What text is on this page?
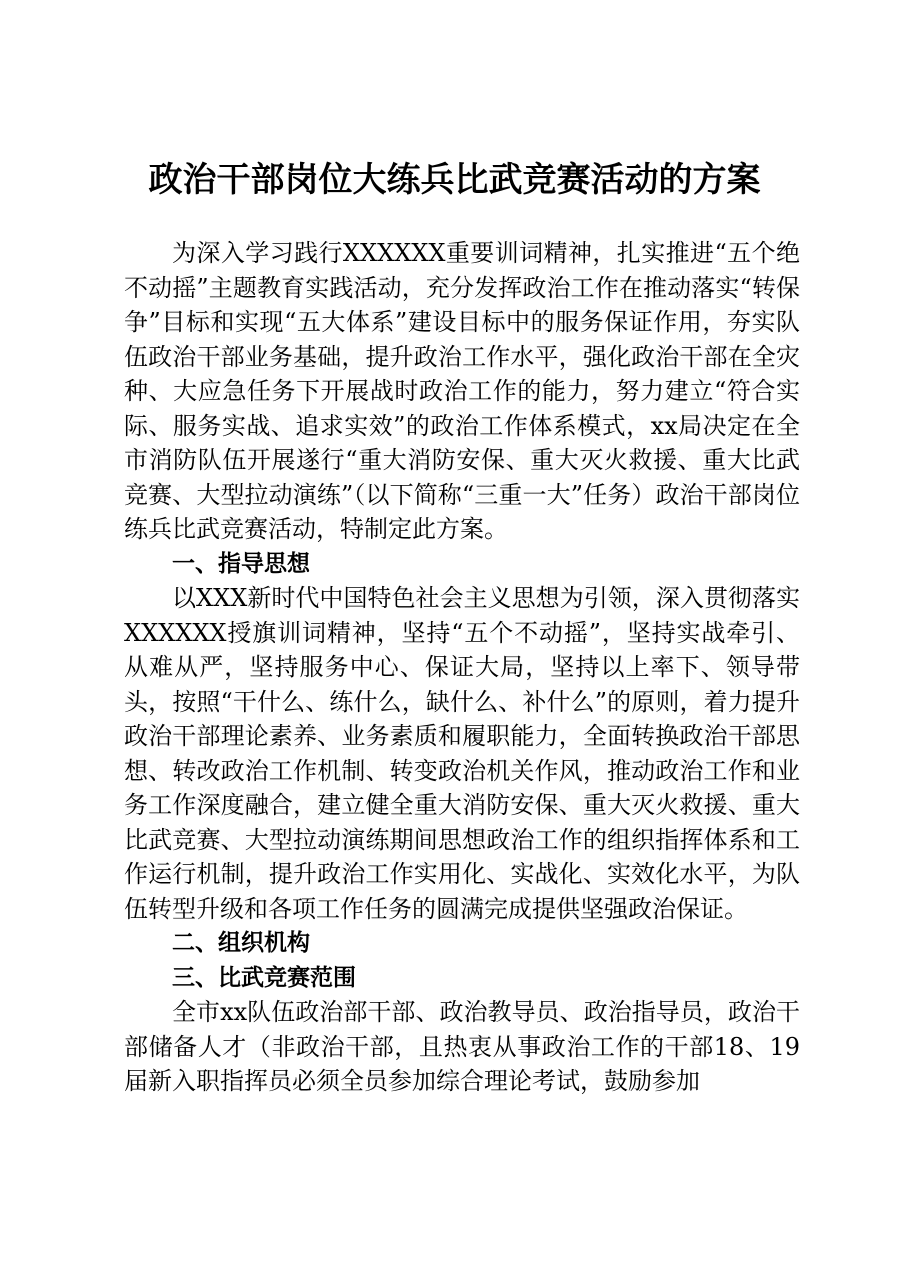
政治干部岗位大练兵比武竞赛活动的方案

为深入学习践行XXXXXX重要训词精神，扎实推进“五个绝不动摇”主题教育实践活动，充分发挥政治工作在推动落实“转保争”目标和实现“五大体系”建设目标中的服务保证作用，夯实队伍政治干部业务基础，提升政治工作水平，强化政治干部在全灾种、大应急任务下开展战时政治工作的能力，努力建立“符合实际、服务实战、追求实效”的政治工作体系模式，xx局决定在全市消防队伍开展遂行“重大消防安保、重大灭火救援、重大比武竞赛、大型拉动演练”（以下简称“三重一大”任务）政治干部岗位练兵比武竞赛活动，特制定此方案。

一、指导思想

以XXX新时代中国特色社会主义思想为引领，深入贯彻落实XXXXXX授旗训词精神，坚持“五个不动摇”，坚持实战牵引、从难从严，坚持服务中心、保证大局，坚持以上率下、领导带头，按照“干什么、练什么，缺什么、补什么”的原则，着力提升政治干部理论素养、业务素质和履职能力，全面转换政治干部思想、转改政治工作机制、转变政治机关作风，推动政治工作和业务工作深度融合，建立健全重大消防安保、重大灭火救援、重大比武竞赛、大型拉动演练期间思想政治工作的组织指挥体系和工作运行机制，提升政治工作实用化、实战化、实效化水平，为队伍转型升级和各项工作任务的圆满完成提供坚强政治保证。

二、组织机构

三、比武竞赛范围

全市xx队伍政治部干部、政治教导员、政治指导员，政治干部储备人才（非政治干部，且热衷从事政治工作的干部18、19届新入职指挥员必须全员参加综合理论考试，鼓励参加
